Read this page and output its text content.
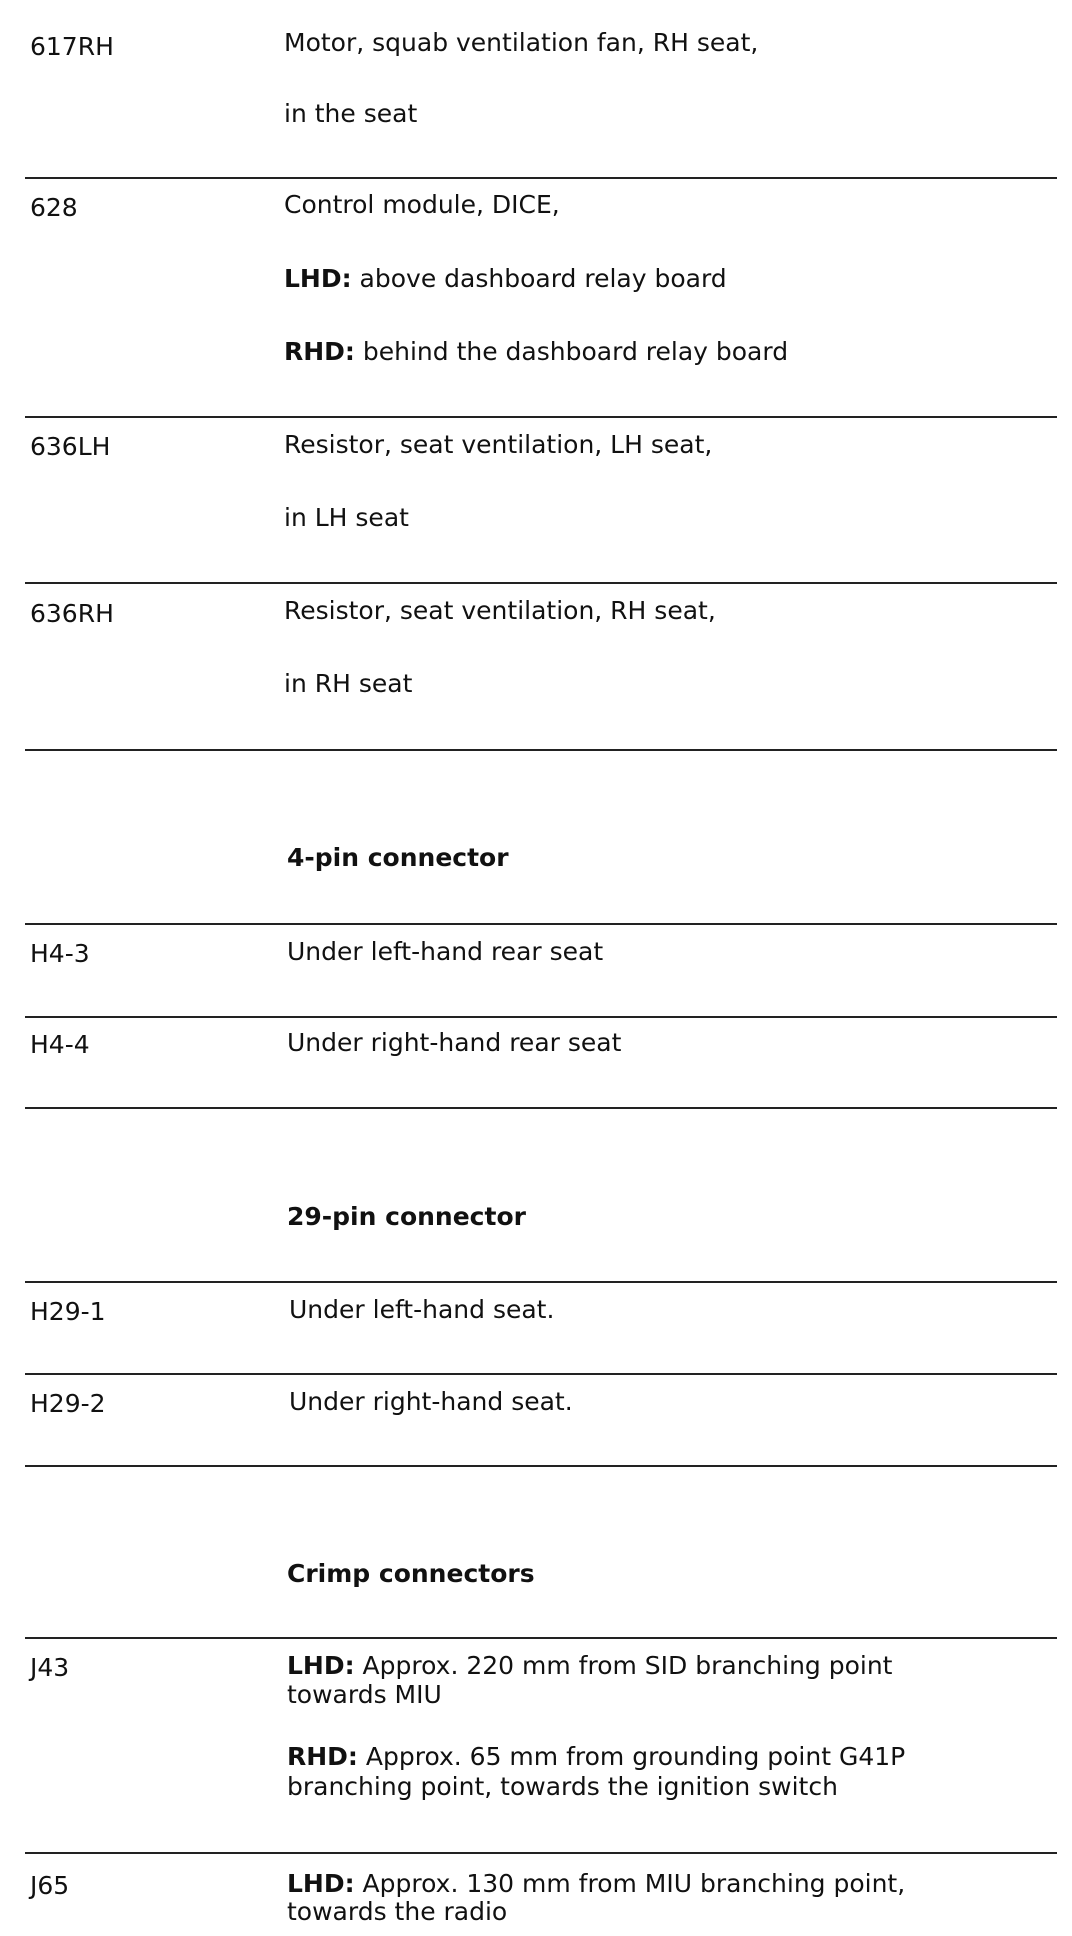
617RH	Motor, squab ventilation fan, RH seat,
in the seat
628	Control module, DICE,
LHD: above dashboard relay board
RHD: behind the dashboard relay board
636LH	Resistor, seat ventilation, LH seat,
in LH seat
636RH	Resistor, seat ventilation, RH seat,
in RH seat
4-pin connector
H4-3	Under left-hand rear seat
H4-4	Under right-hand rear seat
29-pin connector
H29-1	Under left-hand seat.
H29-2	Under right-hand seat.
Crimp connectors
J43	LHD: Approx. 220 mm from SID branching point
towards MIU
RHD: Approx. 65 mm from grounding point G41P
branching point, towards the ignition switch
J65	LHD: Approx. 130 mm from MIU branching point,
towards the radio
